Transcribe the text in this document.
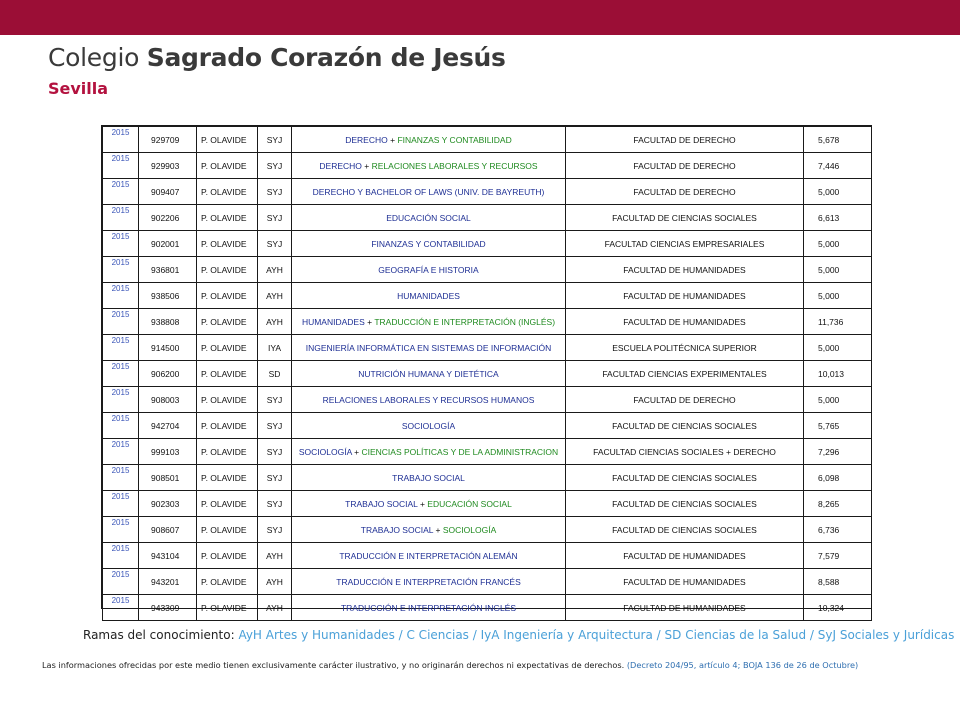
Colegio Sagrado Corazón de Jesús
Sevilla
2015	929709	P. OLAVIDE	SYJ	DERECHO + FINANZAS Y CONTABILIDAD	FACULTAD DE DERECHO	5,678
2015	929903	P. OLAVIDE	SYJ	DERECHO + RELACIONES LABORALES Y RECURSOS	FACULTAD DE DERECHO	7,446
2015	909407	P. OLAVIDE	SYJ	DERECHO Y BACHELOR OF LAWS (UNIV. DE BAYREUTH)	FACULTAD DE DERECHO	5,000
2015	902206	P. OLAVIDE	SYJ	EDUCACIÓN SOCIAL	FACULTAD DE CIENCIAS SOCIALES	6,613
2015	902001	P. OLAVIDE	SYJ	FINANZAS Y CONTABILIDAD	FACULTAD CIENCIAS EMPRESARIALES	5,000
2015	936801	P. OLAVIDE	AYH	GEOGRAFÍA E HISTORIA	FACULTAD DE HUMANIDADES	5,000
2015	938506	P. OLAVIDE	AYH	HUMANIDADES	FACULTAD DE HUMANIDADES	5,000
2015	938808	P. OLAVIDE	AYH	HUMANIDADES + TRADUCCIÓN E INTERPRETACIÓN (INGLÉS)	FACULTAD DE HUMANIDADES	11,736
2015	914500	P. OLAVIDE	IYA	INGENIERÍA INFORMÁTICA EN SISTEMAS DE INFORMACIÓN	ESCUELA POLITÉCNICA SUPERIOR	5,000
2015	906200	P. OLAVIDE	SD	NUTRICIÓN HUMANA Y DIETÉTICA	FACULTAD CIENCIAS EXPERIMENTALES	10,013
2015	908003	P. OLAVIDE	SYJ	RELACIONES LABORALES Y RECURSOS HUMANOS	FACULTAD DE DERECHO	5,000
2015	942704	P. OLAVIDE	SYJ	SOCIOLOGÍA	FACULTAD DE CIENCIAS SOCIALES	5,765
2015	999103	P. OLAVIDE	SYJ	SOCIOLOGÍA + CIENCIAS POLÍTICAS Y DE LA ADMINISTRACION	FACULTAD CIENCIAS SOCIALES + DERECHO	7,296
2015	908501	P. OLAVIDE	SYJ	TRABAJO SOCIAL	FACULTAD DE CIENCIAS SOCIALES	6,098
2015	902303	P. OLAVIDE	SYJ	TRABAJO SOCIAL + EDUCACIÓN SOCIAL	FACULTAD DE CIENCIAS SOCIALES	8,265
2015	908607	P. OLAVIDE	SYJ	TRABAJO SOCIAL + SOCIOLOGÍA	FACULTAD DE CIENCIAS SOCIALES	6,736
2015	943104	P. OLAVIDE	AYH	TRADUCCIÓN E INTERPRETACIÓN ALEMÁN	FACULTAD DE HUMANIDADES	7,579
2015	943201	P. OLAVIDE	AYH	TRADUCCIÓN E INTERPRETACIÓN FRANCÉS	FACULTAD DE HUMANIDADES	8,588
2015	943309	P. OLAVIDE	AYH	TRADUCCIÓN E INTERPRETACIÓN INGLÉS	FACULTAD DE HUMANIDADES	10,324
Ramas del conocimiento: AyH Artes y Humanidades / C Ciencias / IyA Ingeniería y Arquitectura / SD Ciencias de la Salud / SyJ Sociales y Jurídicas
Las informaciones ofrecidas por este medio tienen exclusivamente carácter ilustrativo, y no originarán derechos ni expectativas de derechos. (Decreto 204/95, artículo 4; BOJA 136 de 26 de Octubre)
